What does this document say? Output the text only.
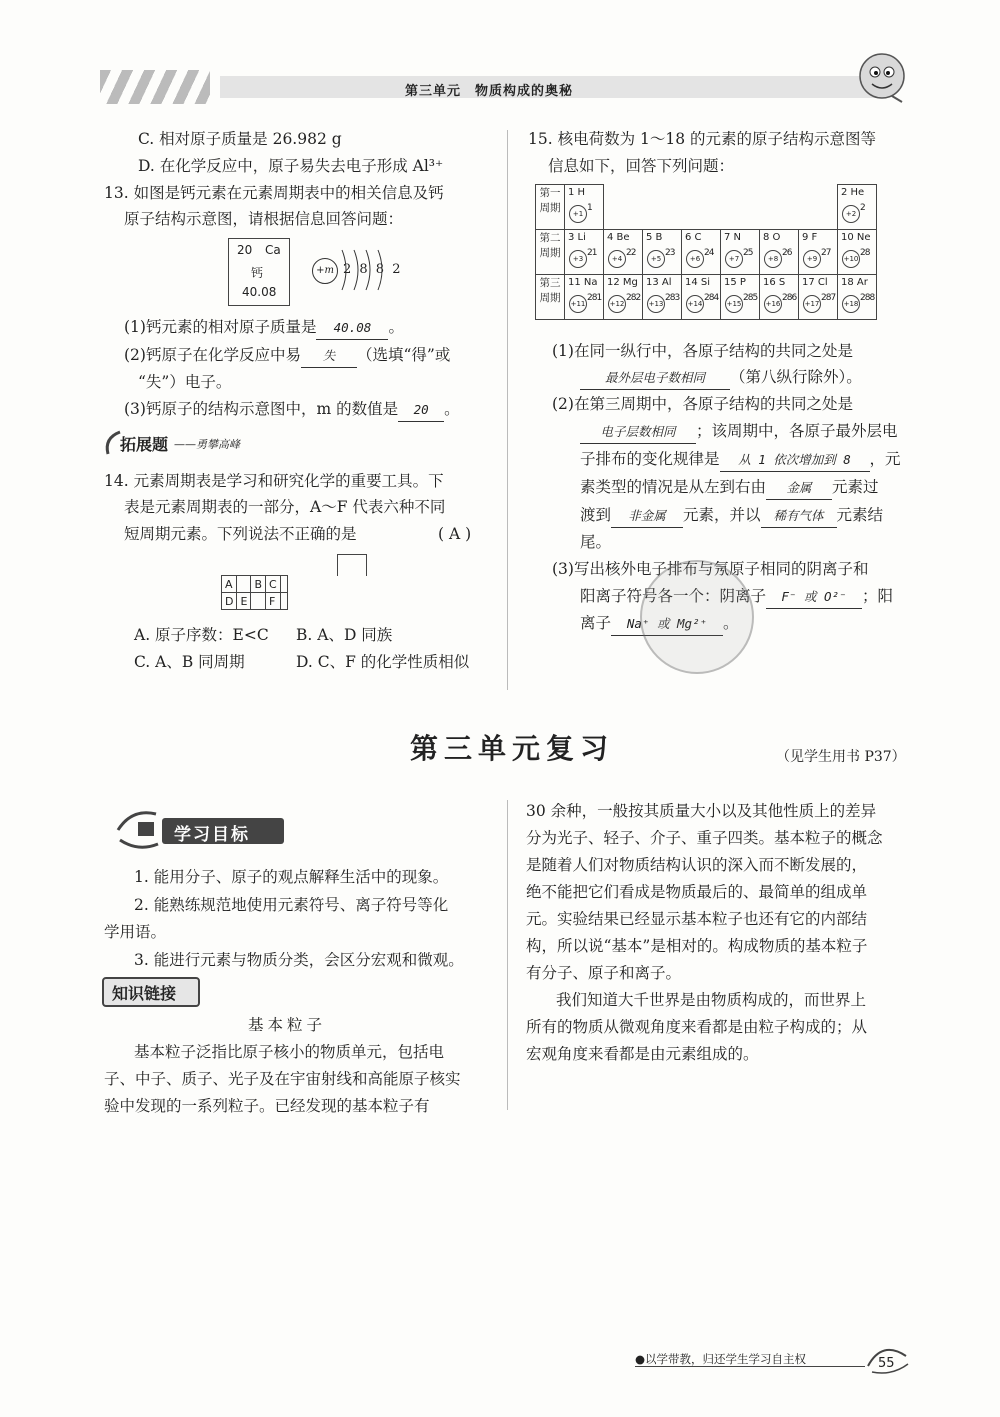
第三单元　物质构成的奥秘
C. 相对原子质量是 26.982 g
D. 在化学反应中，原子易失去电子形成 Al³⁺
13. 如图是钙元素在元素周期表中的相关信息及钙
原子结构示意图，请根据信息回答问题：
20 Ca
钙
40.08
+m 2 8 8 2
(1)钙元素的相对原子质量是 40.08 。
(2)钙原子在化学反应中易 失 （选填“得”或
“失”）电子。
(3)钙原子的结构示意图中，m 的数值是 20 。
拓展题 ——勇攀高峰
14. 元素周期表是学习和研究化学的重要工具。下
表是元素周期表的一部分，A～F 代表六种不同
短周期元素。下列说法不正确的是	( A )
A		B	C	
D	E		F	
A. 原子序数：E<C B. A、D 同族
C. A、B 同周期	D. C、F 的化学性质相似
15. 核电荷数为 1～18 的元素的原子结构示意图等
信息如下，回答下列问题：
第一周期	1 H
+1
1							2 He
+2
2

第二周期	3 Li
+3
21	4 Be
+4
22	5 B
+5
23	6 C
+6
24	7 N
+7
25	8 O
+8
26	9 F
+9
27	10 Ne
+10
28

第三周期	11 Na
+11
281	12 Mg
+12
282	13 Al
+13
283	14 Si
+14
284	15 P
+15
285	16 S
+16
286	17 Cl
+17
287	18 Ar
+18
288
(1)在同一纵行中，各原子结构的共同之处是
最外层电子数相同 （第八纵行除外）。
(2)在第三周期中，各原子结构的共同之处是
电子层数相同 ；该周期中，各原子最外层电
子排布的变化规律是 从 1 依次增加到 8 ，元
素类型的情况是从左到右由 金属 元素过
渡到 非金属 元素，并以 稀有气体 元素结
尾。
(3)写出核外电子排布与氖原子相同的阴离子和
阳离子符号各一个：阴离子 F⁻ 或 O²⁻ ；阳
离子 Na⁺ 或 Mg²⁺ 。
第三单元复习	（见学生用书 P37）
学习目标
1. 能用分子、原子的观点解释生活中的现象。
2. 能熟练规范地使用元素符号、离子符号等化
学用语。
3. 能进行元素与物质分类，会区分宏观和微观。
知识链接
基本粒子
基本粒子泛指比原子核小的物质单元，包括电
子、中子、质子、光子及在宇宙射线和高能原子核实
验中发现的一系列粒子。已经发现的基本粒子有
30 余种，一般按其质量大小以及其他性质上的差异
分为光子、轻子、介子、重子四类。基本粒子的概念
是随着人们对物质结构认识的深入而不断发展的，
绝不能把它们看成是物质最后的、最简单的组成单
元。实验结果已经显示基本粒子也还有它的内部结
构，所以说“基本”是相对的。构成物质的基本粒子
有分子、原子和离子。
我们知道大千世界是由物质构成的，而世界上
所有的物质从微观角度来看都是由粒子构成的；从
宏观角度来看都是由元素组成的。
●以学带教，归还学生学习自主权	55
